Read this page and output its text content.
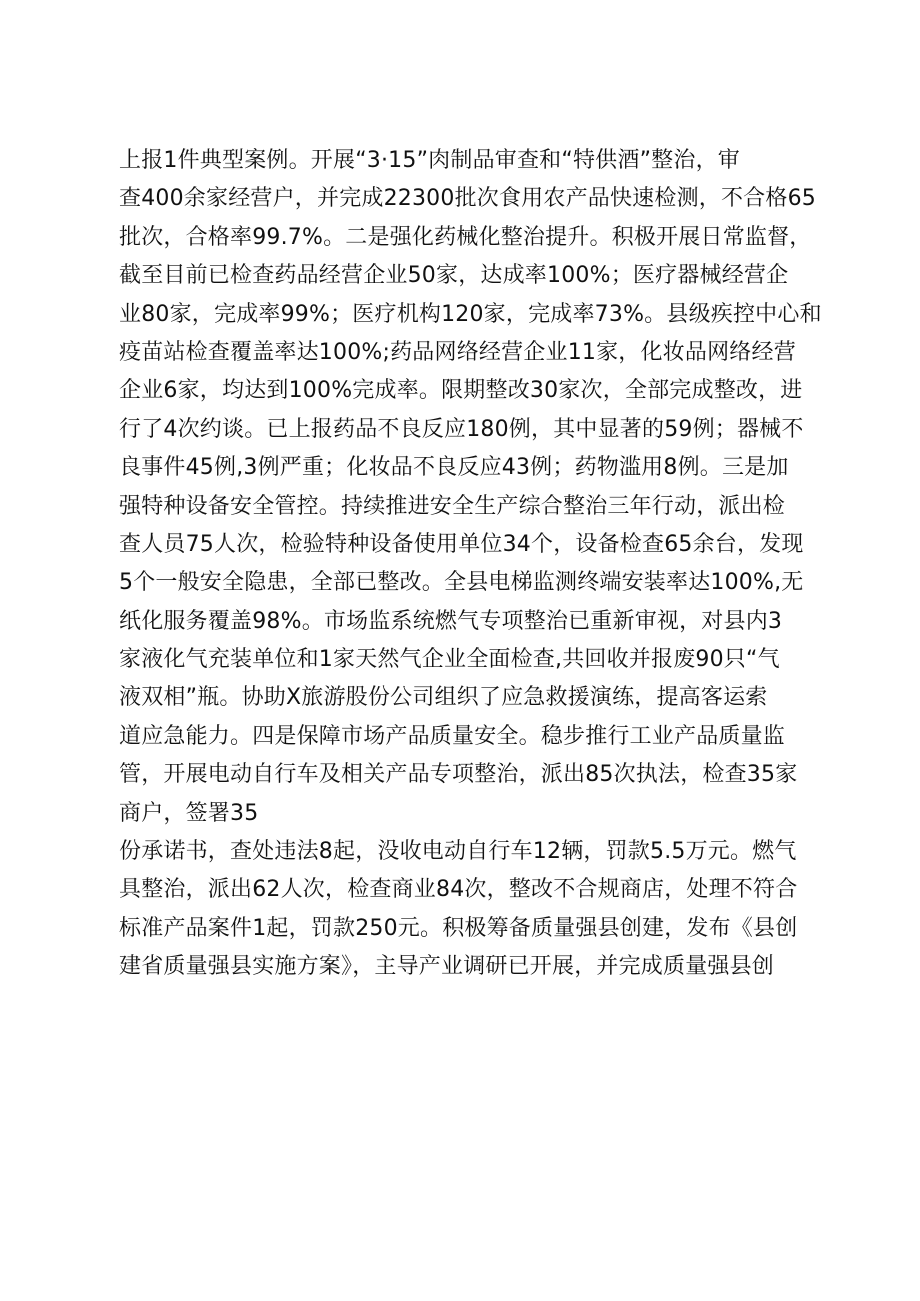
上报1件典型案例。开展“3·15”肉制品审查和“特供酒”整治，审
查400余家经营户，并完成22300批次食用农产品快速检测，不合格65
批次，合格率99.7%。二是强化药械化整治提升。积极开展日常监督，
截至目前已检查药品经营企业50家，达成率100%；医疗器械经营企
业80家，完成率99%；医疗机构120家，完成率73%。县级疾控中心和
疫苗站检查覆盖率达100%;药品网络经营企业11家，化妆品网络经营
企业6家，均达到100%完成率。限期整改30家次，全部完成整改，进
行了4次约谈。已上报药品不良反应180例，其中显著的59例；器械不
良事件45例,3例严重；化妆品不良反应43例；药物滥用8例。三是加
强特种设备安全管控。持续推进安全生产综合整治三年行动，派出检
查人员75人次，检验特种设备使用单位34个，设备检查65余台，发现
5个一般安全隐患，全部已整改。全县电梯监测终端安装率达100%,无
纸化服务覆盖98%。市场监系统燃气专项整治已重新审视，对县内3
家液化气充装单位和1家天然气企业全面检查,共回收并报废90只“气
液双相”瓶。协助X旅游股份公司组织了应急救援演练，提高客运索
道应急能力。四是保障市场产品质量安全。稳步推行工业产品质量监
管，开展电动自行车及相关产品专项整治，派出85次执法，检查35家
商户，签署35
份承诺书，查处违法8起，没收电动自行车12辆，罚款5.5万元。燃气
具整治，派出62人次，检查商业84次，整改不合规商店，处理不符合
标准产品案件1起，罚款250元。积极筹备质量强县创建，发布《县创
建省质量强县实施方案》，主导产业调研已开展，并完成质量强县创
